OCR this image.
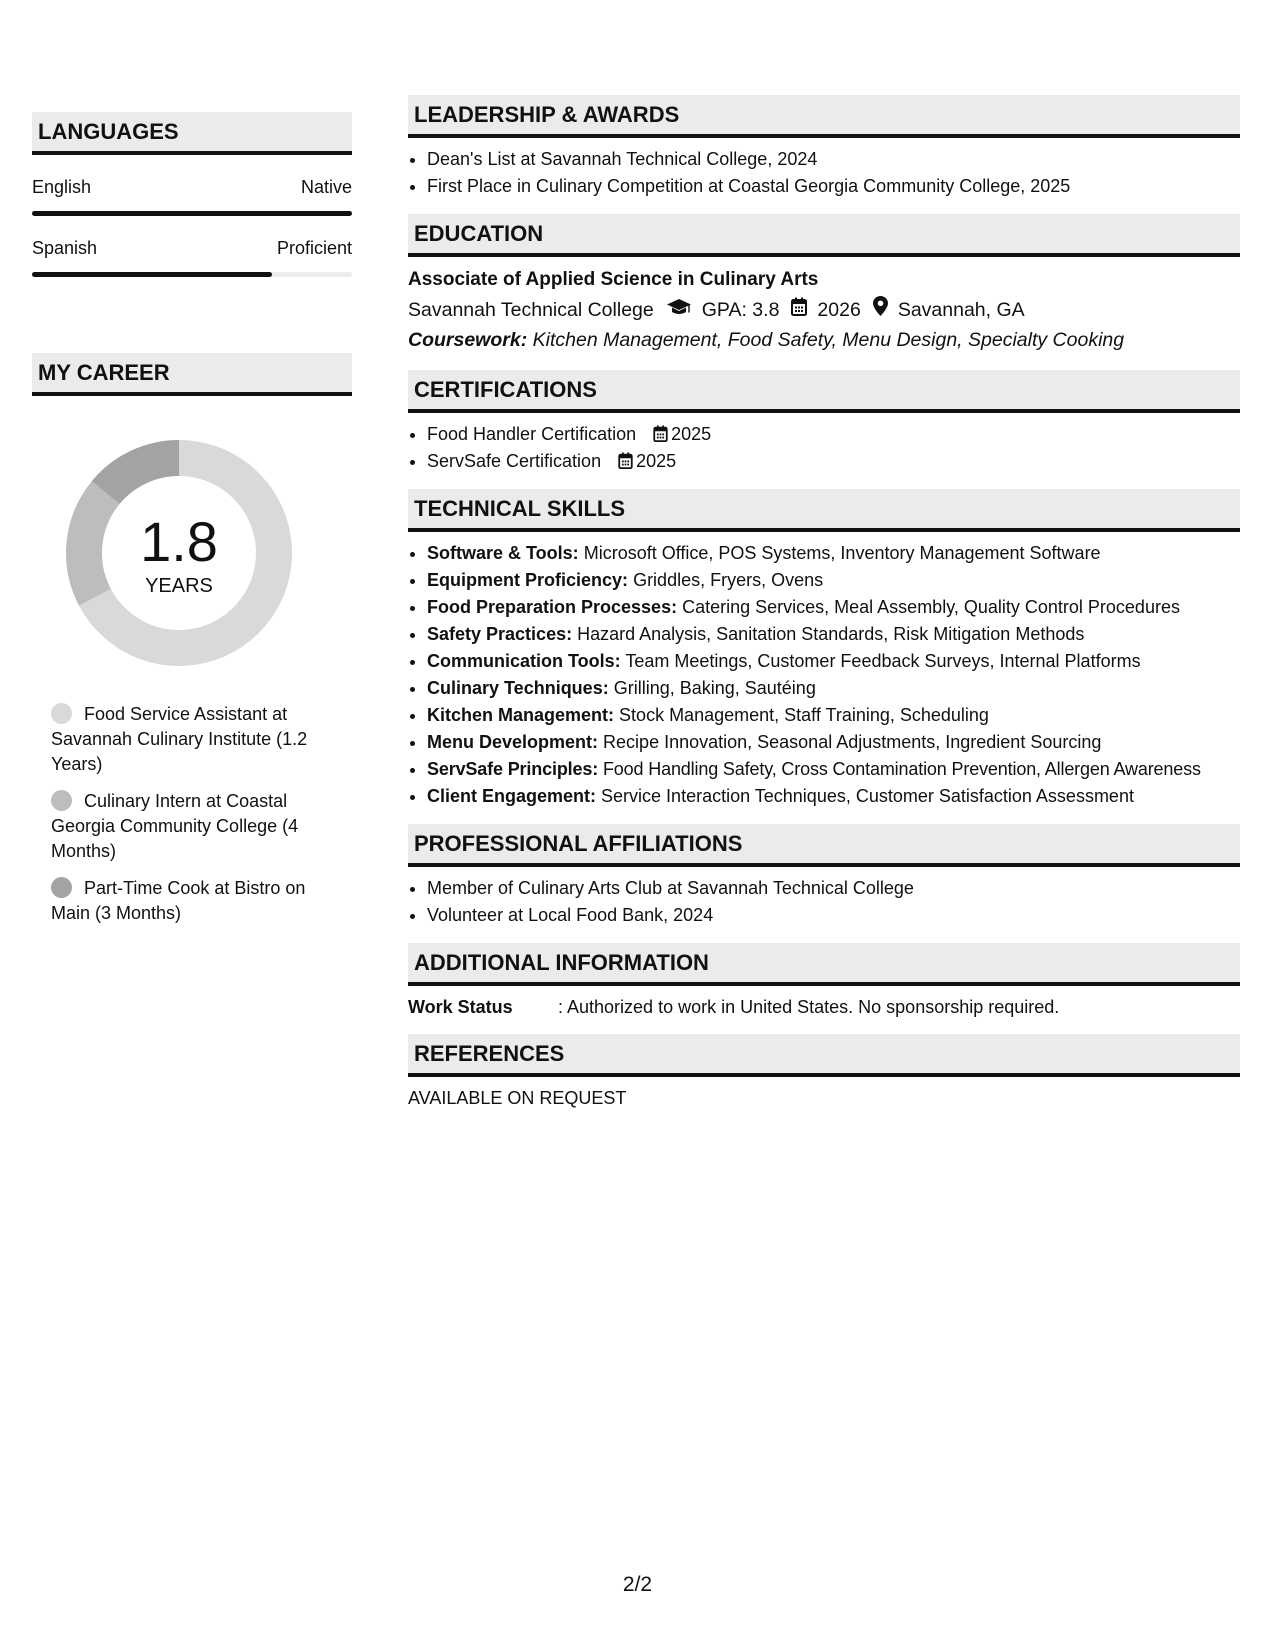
LANGUAGES
English	Native
Spanish	Proficient
MY CAREER
1.8
YEARS
Food Service Assistant at Savannah Culinary Institute (1.2 Years)
Culinary Intern at Coastal Georgia Community College (4 Months)
Part-Time Cook at Bistro on Main (3 Months)
LEADERSHIP & AWARDS
• Dean's List at Savannah Technical College, 2024
• First Place in Culinary Competition at Coastal Georgia Community College, 2025
EDUCATION
Associate of Applied Science in Culinary Arts
Savannah Technical College GPA: 3.8 2026 Savannah, GA
Coursework: Kitchen Management, Food Safety, Menu Design, Specialty Cooking
CERTIFICATIONS
• Food Handler Certification 2025
• ServSafe Certification 2025
TECHNICAL SKILLS
• Software & Tools: Microsoft Office, POS Systems, Inventory Management Software
• Equipment Proficiency: Griddles, Fryers, Ovens
• Food Preparation Processes: Catering Services, Meal Assembly, Quality Control Procedures
• Safety Practices: Hazard Analysis, Sanitation Standards, Risk Mitigation Methods
• Communication Tools: Team Meetings, Customer Feedback Surveys, Internal Platforms
• Culinary Techniques: Grilling, Baking, Sautéing
• Kitchen Management: Stock Management, Staff Training, Scheduling
• Menu Development: Recipe Innovation, Seasonal Adjustments, Ingredient Sourcing
• ServSafe Principles: Food Handling Safety, Cross Contamination Prevention, Allergen Awareness
• Client Engagement: Service Interaction Techniques, Customer Satisfaction Assessment
PROFESSIONAL AFFILIATIONS
• Member of Culinary Arts Club at Savannah Technical College
• Volunteer at Local Food Bank, 2024
ADDITIONAL INFORMATION
Work Status	: Authorized to work in United States. No sponsorship required.
REFERENCES
AVAILABLE ON REQUEST
2/2
